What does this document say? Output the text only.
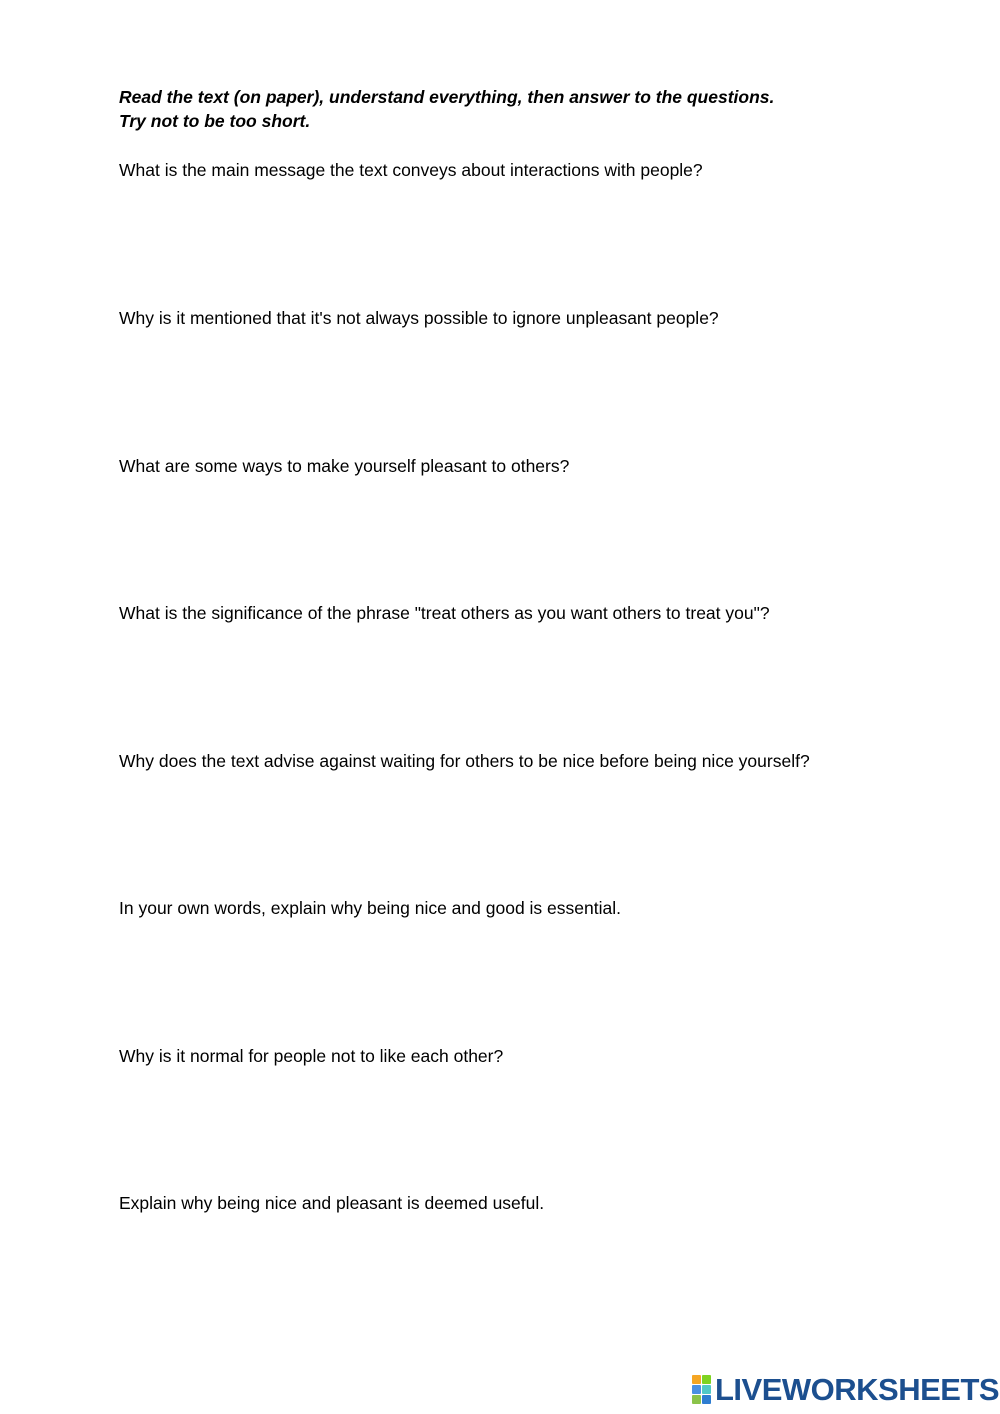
Read the text (on paper), understand everything, then answer to the questions.
Try not to be too short.

What is the main message the text conveys about interactions with people?

Why is it mentioned that it's not always possible to ignore unpleasant people?

What are some ways to make yourself pleasant to others?

What is the significance of the phrase "treat others as you want others to treat you"?

Why does the text advise against waiting for others to be nice before being nice yourself?

In your own words, explain why being nice and good is essential.

Why is it normal for people not to like each other?

Explain why being nice and pleasant is deemed useful.

LIVEWORKSHEETS
